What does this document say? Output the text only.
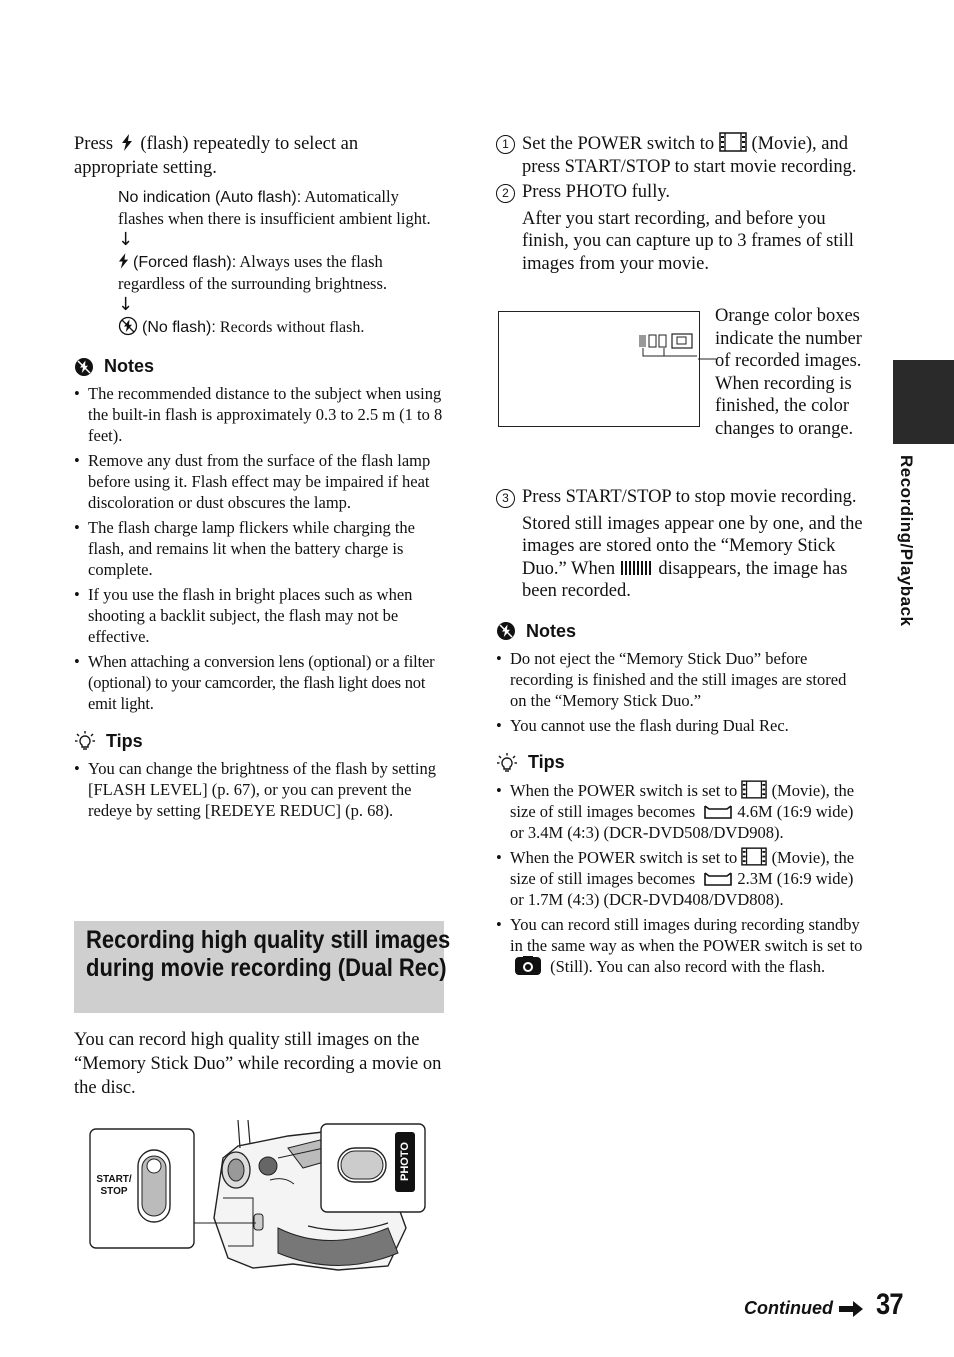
Press (flash) repeatedly to select an appropriate setting.
No indication (Auto flash): Automatically flashes when there is insufficient ambient light.
↓
(Forced flash): Always uses the flash regardless of the surrounding brightness.
↓
(No flash): Records without flash.
Notes
• The recommended distance to the subject when using the built-in flash is approximately 0.3 to 2.5 m (1 to 8 feet).
• Remove any dust from the surface of the flash lamp before using it. Flash effect may be impaired if heat discoloration or dust obscures the lamp.
• The flash charge lamp flickers while charging the flash, and remains lit when the battery charge is complete.
• If you use the flash in bright places such as when shooting a backlit subject, the flash may not be effective.
• When attaching a conversion lens (optional) or a filter (optional) to your camcorder, the flash light does not emit light.
Tips
• You can change the brightness of the flash by setting [FLASH LEVEL] (p. 67), or you can prevent the redeye by setting [REDEYE REDUC] (p. 68).
Recording high quality still images during movie recording (Dual Rec)
You can record high quality still images on the “Memory Stick Duo” while recording a movie on the disc.
START/ STOP
PHOTO
1 Set the POWER switch to (Movie), and press START/STOP to start movie recording.
2 Press PHOTO fully.
After you start recording, and before you finish, you can capture up to 3 frames of still images from your movie.
Orange color boxes indicate the number of recorded images. When recording is finished, the color changes to orange.
3 Press START/STOP to stop movie recording.
Stored still images appear one by one, and the images are stored onto the “Memory Stick Duo.” When disappears, the image has been recorded.
Notes
• Do not eject the “Memory Stick Duo” before recording is finished and the still images are stored on the “Memory Stick Duo.”
• You cannot use the flash during Dual Rec.
Tips
• When the POWER switch is set to (Movie), the size of still images becomes	4.6M (16:9 wide) or 3.4M (4:3) (DCR-DVD508/DVD908).
• When the POWER switch is set to (Movie), the size of still images becomes	2.3M (16:9 wide) or 1.7M (4:3) (DCR-DVD408/DVD808).
• You can record still images during recording standby in the same way as when the POWER switch is set to  (Still). You can also record with the flash.
Recording/Playback
Continued 37
